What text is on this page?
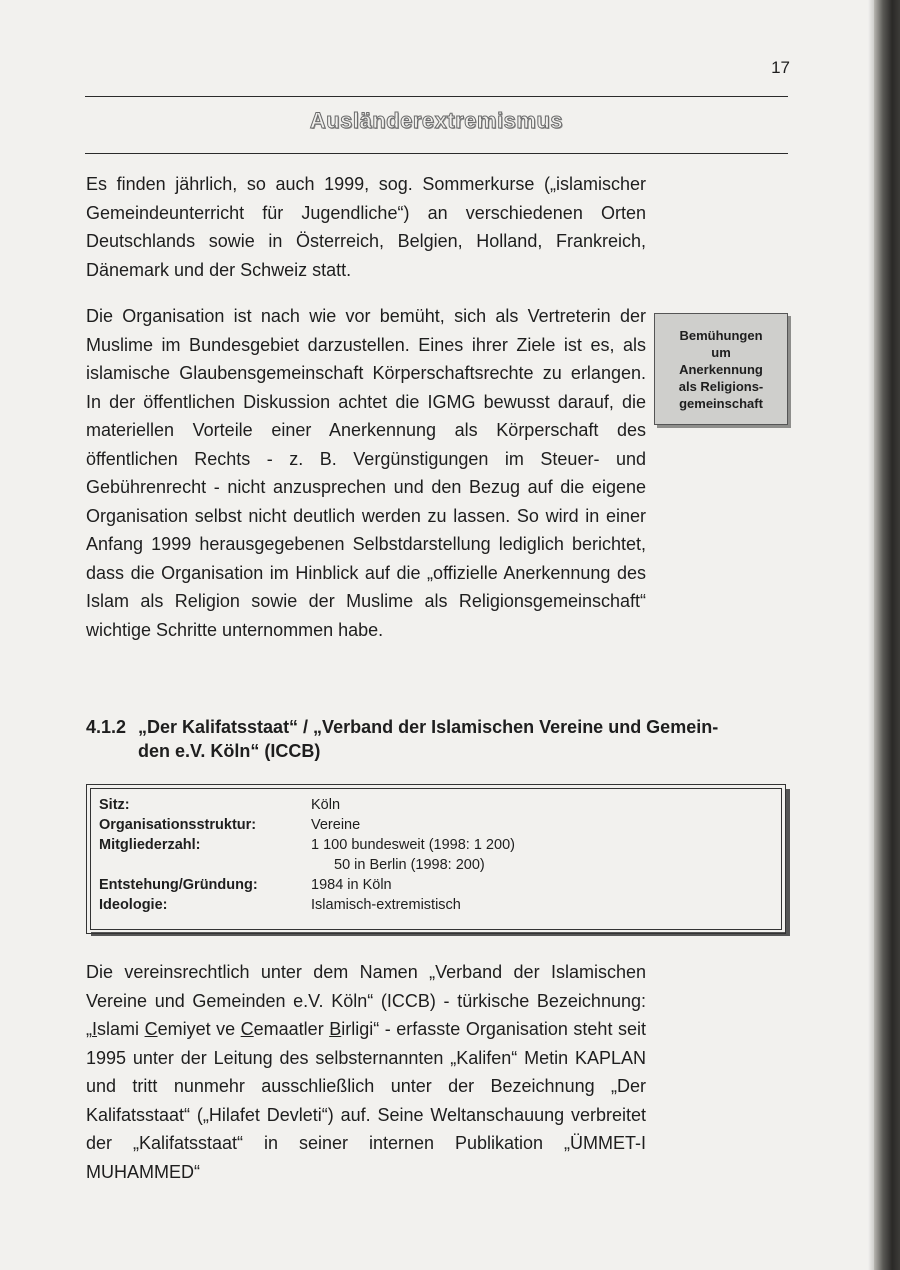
17
Ausländerextremismus

Es finden jährlich, so auch 1999, sog. Sommerkurse („islamischer Gemeindeunterricht für Jugendliche“) an verschiedenen Orten Deutschlands sowie in Österreich, Belgien, Holland, Frankreich, Dänemark und der Schweiz statt.

Die Organisation ist nach wie vor bemüht, sich als Vertreterin der Muslime im Bundesgebiet darzustellen. Eines ihrer Ziele ist es, als islamische Glaubensgemeinschaft Körperschaftsrechte zu erlangen. In der öffentlichen Diskussion achtet die IGMG bewusst darauf, die materiellen Vorteile einer Anerkennung als Körperschaft des öffentlichen Rechts - z. B. Vergünstigungen im Steuer- und Gebührenrecht - nicht anzusprechen und den Bezug auf die eigene Organisation selbst nicht deutlich werden zu lassen. So wird in einer Anfang 1999 herausgegebenen Selbstdarstellung lediglich berichtet, dass die Organisation im Hinblick auf die „offizielle Anerkennung des Islam als Religion sowie der Muslime als Religionsgemeinschaft“ wichtige Schritte unternommen habe.

Bemühungen
um
Anerkennung
als Religions-
gemeinschaft
4.1.2 „Der Kalifatsstaat“ / „Verband der Islamischen Vereine und Gemein-
den e.V. Köln“ (ICCB)
Sitz:	Köln
Organisationsstruktur:	Vereine
Mitgliederzahl:	1 100 bundesweit (1998: 1 200)
50 in Berlin (1998: 200)
Entstehung/Gründung:	1984 in Köln
Ideologie:	Islamisch-extremistisch

Die vereinsrechtlich unter dem Namen „Verband der Islamischen Vereine und Gemeinden e.V. Köln“ (ICCB) - türkische Bezeichnung: „Islami Cemiyet ve Cemaatler Birligi“ - erfasste Organisation steht seit 1995 unter der Leitung des selbsternannten „Kalifen“ Metin KAPLAN und tritt nunmehr ausschließlich unter der Bezeichnung „Der Kalifatsstaat“ („Hilafet Devleti“) auf. Seine Weltanschauung verbreitet der „Kalifatsstaat“ in seiner internen Publikation „ÜMMET-I MUHAMMED“
